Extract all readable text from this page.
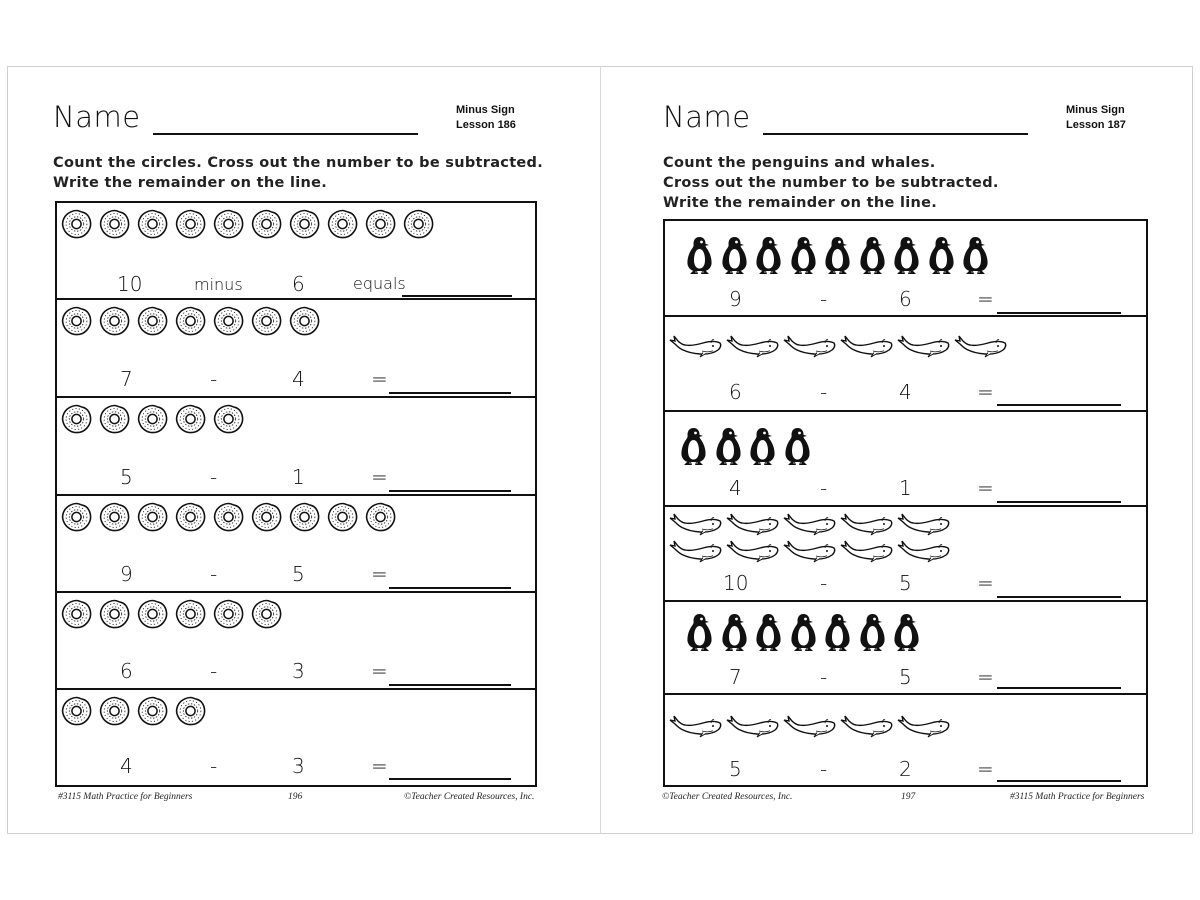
Name	Minus Sign
Lesson 186
Count the circles. Cross out the number to be subtracted.
Write the remainder on the line.
10	minus 6	equals
7	-	4	=
5	-	1	=
9	-	5	=
6	-	3	=
4	-	3	=
#3115 Math Practice for Beginners	196	©Teacher Created Resources, Inc.
Name	Minus Sign
Lesson 187
Count the penguins and whales.
Cross out the number to be subtracted.
Write the remainder on the line.
9	-	6	=
6	-	4	=
4	-	1	=
10	-	5	=
7	-	5	=
5	-	2	=
©Teacher Created Resources, Inc.	197	#3115 Math Practice for Beginners
